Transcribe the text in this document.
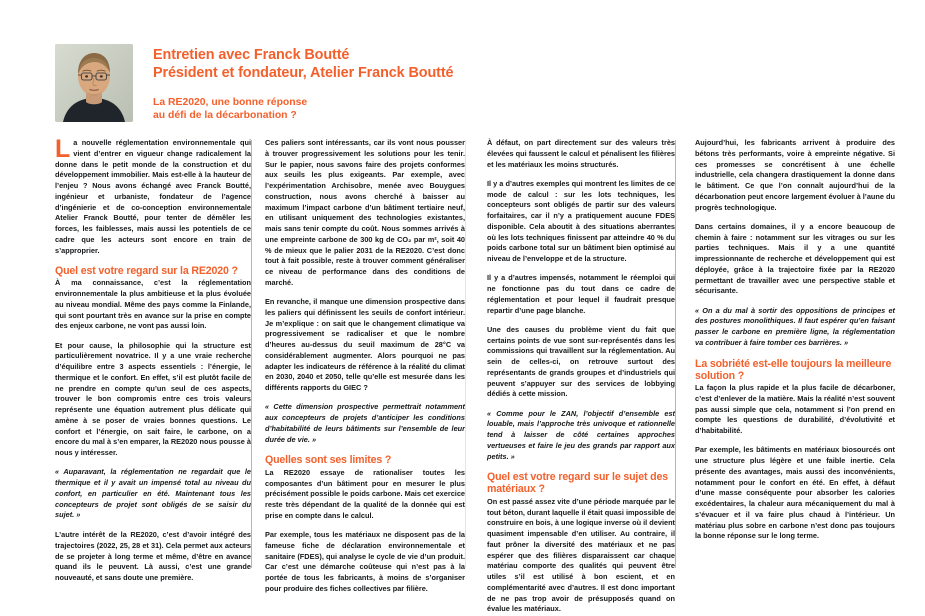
Entretien avec Franck Boutté
Président et fondateur, Atelier Franck Boutté
La RE2020, une bonne réponse
au défi de la décarbonation ?

La nouvelle réglementation environnementale qui vient d’entrer en vigueur change radicalement la donne dans le petit monde de la construction et du développement immobilier. Mais est-elle à la hauteur de l’enjeu ? Nous avons échangé avec Franck Boutté, ingénieur et urbaniste, fondateur de l’agence d’ingénierie et de co-conception environnementale Atelier Franck Boutté, pour tenter de démêler les forces, les faiblesses, mais aussi les potentiels de ce cadre que les acteurs sont encore en train de s’approprier.

Quel est votre regard sur la RE2020 ?

À ma connaissance, c’est la réglementation environnementale la plus ambitieuse et la plus évoluée au niveau mondial. Même des pays comme la Finlande, qui sont pourtant très en avance sur la prise en compte des enjeux carbone, ne vont pas aussi loin.

Et pour cause, la philosophie qui la structure est particulièrement novatrice. Il y a une vraie recherche d’équilibre entre 3 aspects essentiels : l’énergie, le thermique et le confort. En effet, s’il est plutôt facile de ne prendre en compte qu’un seul de ces aspects, trouver le bon compromis entre ces trois valeurs représente une équation autrement plus délicate qui amène à se poser de vraies bonnes questions. Le confort et l’énergie, on sait faire, le carbone, on a encore du mal à s’en emparer, la RE2020 nous pousse à nous y intéresser.

« Auparavant, la réglementation ne regardait que le thermique et il y avait un impensé total au niveau du confort, en particulier en été. Maintenant tous les concepteurs de projet sont obligés de se saisir du sujet. »

L’autre intérêt de la RE2020, c’est d’avoir intégré des trajectoires (2022, 25, 28 et 31). Cela permet aux acteurs de se projeter à long terme et même, d’être en avance quand ils le peuvent. Là aussi, c’est une grande nouveauté, et sans doute une première.

Ces paliers sont intéressants, car ils vont nous pousser à trouver progressivement les solutions pour les tenir. Sur le papier, nous savons faire des projets conformes aux seuils les plus exigeants. Par exemple, avec l’expérimentation Archisobre, menée avec Bouygues construction, nous avons cherché à baisser au maximum l’impact carbone d’un bâtiment tertiaire neuf, en utilisant uniquement des technologies existantes, mais sans tenir compte du coût. Nous sommes arrivés à une empreinte carbone de 300 kg de CO₂ par m², soit 40 % de mieux que le palier 2031 de la RE2020. C’est donc tout à fait possible, reste à trouver comment généraliser ce niveau de performance dans des conditions de marché.

En revanche, il manque une dimension prospective dans les paliers qui définissent les seuils de confort intérieur. Je m’explique : on sait que le changement climatique va progressivement se radicaliser et que le nombre d’heures au-dessus du seuil maximum de 28°C va considérablement augmenter. Alors pourquoi ne pas adapter les indicateurs de référence à la réalité du climat en 2030, 2040 et 2050, telle qu’elle est mesurée dans les différents rapports du GIEC ?

« Cette dimension prospective permettrait notamment aux concepteurs de projets d’anticiper les conditions d’habitabilité de leurs bâtiments sur l’ensemble de leur durée de vie. »

Quelles sont ses limites ?

La RE2020 essaye de rationaliser toutes les composantes d’un bâtiment pour en mesurer le plus précisément possible le poids carbone. Mais cet exercice reste très dépendant de la qualité de la donnée qui est prise en compte dans le calcul.

Par exemple, tous les matériaux ne disposent pas de la fameuse fiche de déclaration environnementale et sanitaire (FDES), qui analyse le cycle de vie d’un produit. Car c’est une démarche coûteuse qui n’est pas à la portée de tous les fabricants, à moins de s’organiser pour produire des fiches collectives par filière.

À défaut, on part directement sur des valeurs très élevées qui faussent le calcul et pénalisent les filières et les matériaux les moins structurés.

Il y a d’autres exemples qui montrent les limites de ce mode de calcul : sur les lots techniques, les concepteurs sont obligés de partir sur des valeurs forfaitaires, car il n’y a pratiquement aucune FDES disponible. Cela aboutit à des situations aberrantes où les lots techniques finissent par atteindre 40 % du poids carbone total sur un bâtiment bien optimisé au niveau de l’enveloppe et de la structure.

Il y a d’autres impensés, notamment le réemploi qui ne fonctionne pas du tout dans ce cadre de réglementation et pour lequel il faudrait presque repartir d’une page blanche.

Une des causes du problème vient du fait que certains points de vue sont sur-représentés dans les commissions qui travaillent sur la réglementation. Au sein de celles-ci, on retrouve surtout des représentants de grands groupes et d’industriels qui peuvent s’appuyer sur des services de lobbying dédiés à cette mission.

« Comme pour le ZAN, l’objectif d’ensemble est louable, mais l’approche très univoque et rationnelle tend à laisser de côté certaines approches vertueuses et faire le jeu des grands par rapport aux petits. »

Quel est votre regard sur le sujet des matériaux ?

On est passé assez vite d’une période marquée par le tout béton, durant laquelle il était quasi impossible de construire en bois, à une logique inverse où il devient quasiment impensable d’en utiliser. Au contraire, il faut prôner la diversité des matériaux et ne pas espérer que des filières disparaissent car chaque matériau comporte des qualités qui peuvent être utiles s’il est utilisé à bon escient, et en complémentarité avec d’autres. Il est donc important de ne pas trop avoir de présupposés quand on évalue les matériaux.

Aujourd’hui, les fabricants arrivent à produire des bétons très performants, voire à empreinte négative. Si ces promesses se concrétisent à une échelle industrielle, cela changera drastiquement la donne dans le bâtiment. Ce que l’on connaît aujourd’hui de la décarbonation peut encore largement évoluer à l’aune du progrès technologique.

Dans certains domaines, il y a encore beaucoup de chemin à faire : notamment sur les vitrages ou sur les parties techniques. Mais il y a une quantité impressionnante de recherche et développement qui est déployée, grâce à la trajectoire fixée par la RE2020 permettant de travailler avec une perspective stable et sécurisante.

« On a du mal à sortir des oppositions de principes et des postures monolithiques. Il faut espérer qu’en faisant passer le carbone en première ligne, la réglementation va contribuer à faire tomber ces barrières. »

La sobriété est-elle toujours la meilleure solution ?

La façon la plus rapide et la plus facile de décarboner, c’est d’enlever de la matière. Mais la réalité n’est souvent pas aussi simple que cela, notamment si l’on prend en compte les questions de durabilité, d’évolutivité et d’habitabilité.

Par exemple, les bâtiments en matériaux biosourcés ont une structure plus légère et une faible inertie. Cela présente des avantages, mais aussi des inconvénients, notamment pour le confort en été. En effet, à défaut d’une masse conséquente pour absorber les calories excédentaires, la chaleur aura mécaniquement du mal à s’évacuer et il va faire plus chaud à l’intérieur. Un matériau plus sobre en carbone n’est donc pas toujours la bonne réponse sur le long terme.
